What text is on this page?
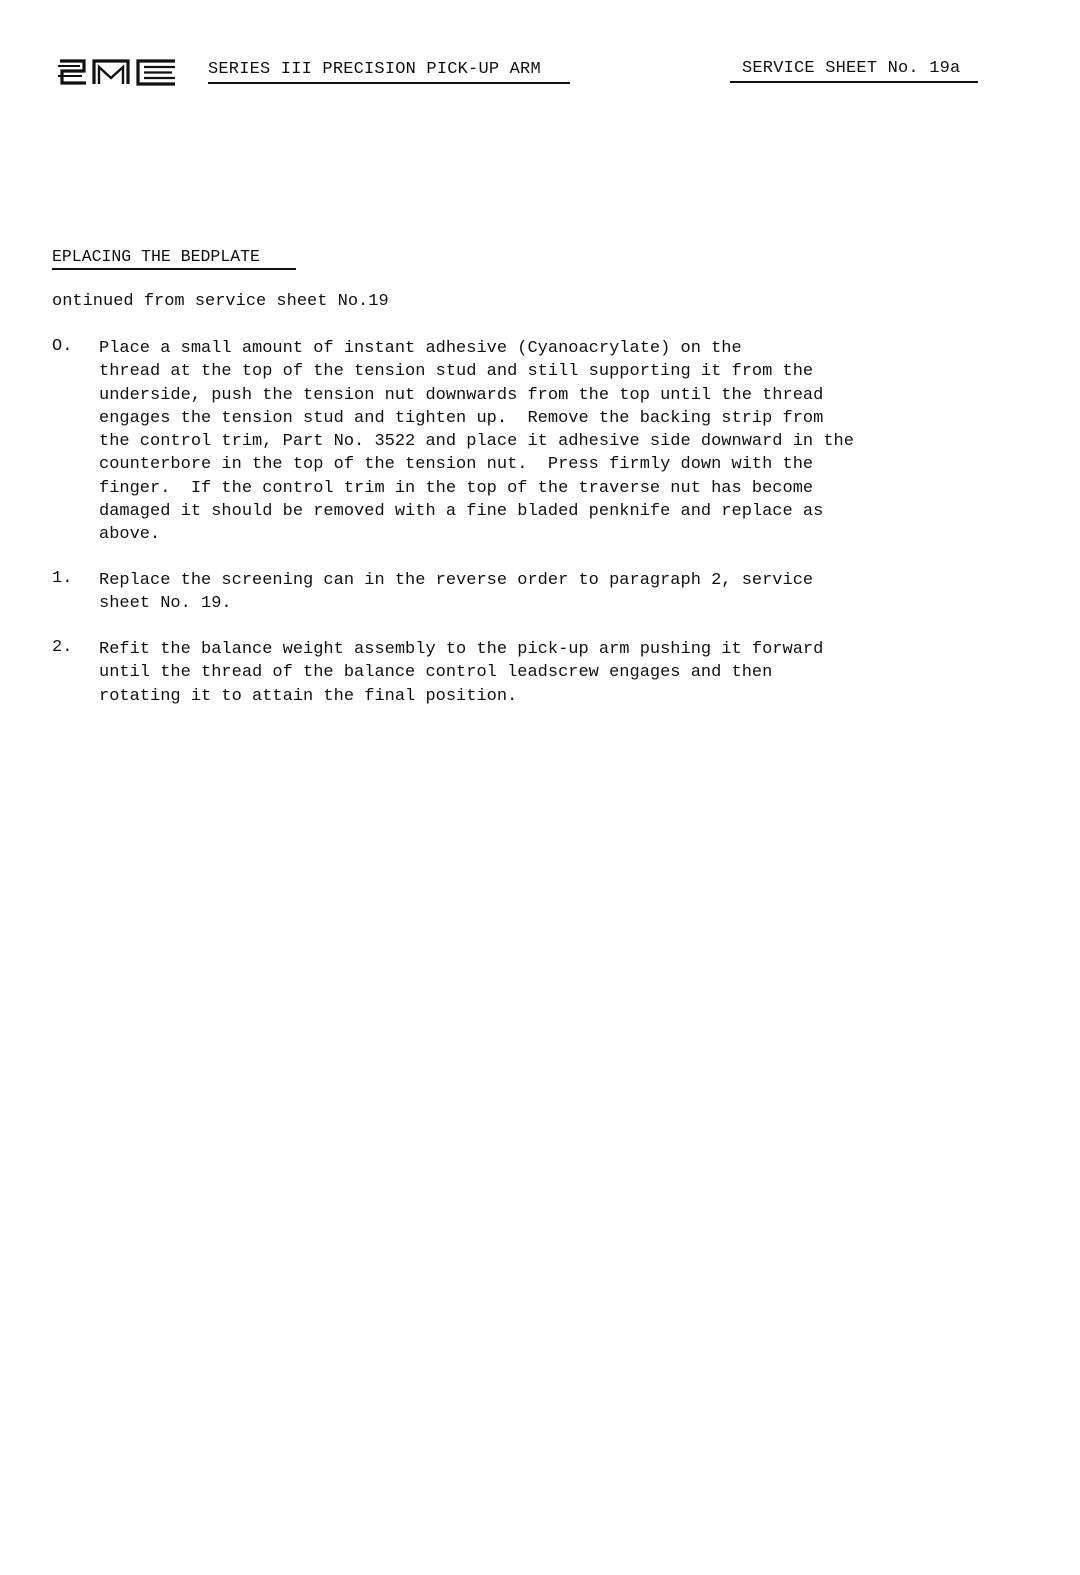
SERIES III PRECISION PICK-UP ARM	SERVICE SHEET No. 19a
EPLACING THE BEDPLATE
ontinued from service sheet No.19
O. Place a small amount of instant adhesive (Cyanoacrylate) on the
thread at the top of the tension stud and still supporting it from the
underside, push the tension nut downwards from the top until the thread
engages the tension stud and tighten up.  Remove the backing strip from
the control trim, Part No. 3522 and place it adhesive side downward in the
counterbore in the top of the tension nut.  Press firmly down with the
finger.  If the control trim in the top of the traverse nut has become
damaged it should be removed with a fine bladed penknife and replace as
above.
1. Replace the screening can in the reverse order to paragraph 2, service
sheet No. 19.
2. Refit the balance weight assembly to the pick-up arm pushing it forward
until the thread of the balance control leadscrew engages and then
rotating it to attain the final position.
